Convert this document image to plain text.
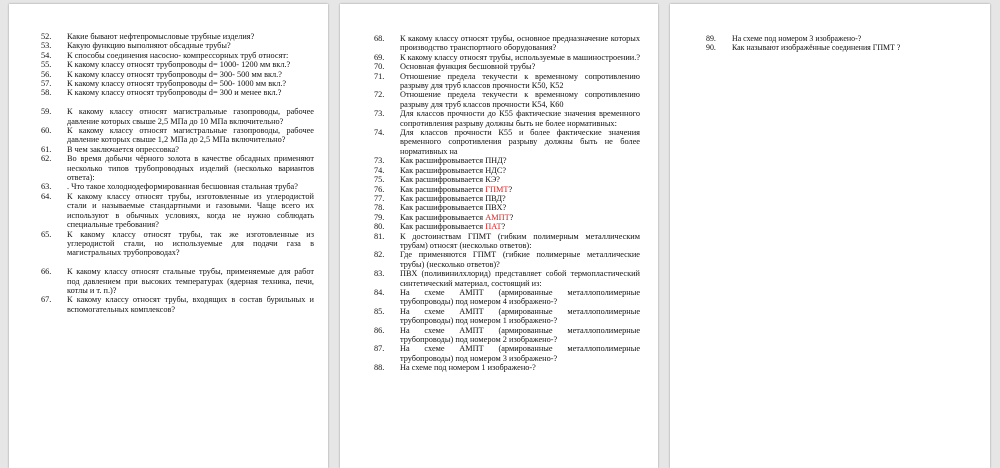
52.	Какие бывают нефтепромысловые трубные изделия?
53.	Какую функцию выполняют обсадные трубы?
54.	К способы соединения насосно- компрессорных труб относят:
55.	К какому классу относят трубопроводы d= 1000- 1200 мм вкл.?
56.	К какому классу относят трубопроводы d= 300- 500 мм вкл.?
57.	К какому классу относят трубопроводы d= 500- 1000 мм вкл.?
58.	К какому классу относят трубопроводы d= 300 и менее вкл.?
59.	К какому классу относят магистральные газопроводы, рабочее давление которых свыше 2,5 МПа до 10 МПа включительно?
60.	К какому классу относят магистральные газопроводы, рабочее давление которых свыше 1,2 МПа до 2,5 МПа включительно?
61.	В чем заключается опрессовка?
62.	Во время добычи чёрного золота в качестве обсадных применяют несколько типов трубопроводных изделий (несколько вариантов ответа):
63.	. Что такое холоднодеформированная бесшовная стальная труба?
64.	К какому классу относят трубы, изготовленные из углеродистой стали и называемые стандартными и газовыми. Чаще всего их используют в обычных условиях, когда не нужно соблюдать специальные требования?
65.	К какому классу относят трубы, так же изготовленные из углеродистой стали, но используемые для подачи газа в магистральных трубопроводах?
66.	К какому классу относят стальные трубы, применяемые для работ под давлением при высоких температурах (ядерная техника, печи, котлы и т. п.)?
67.	К какому классу относят трубы, входящих в состав бурильных и вспомогательных комплексов?
68.	К какому классу относят трубы, основное предназначение которых производство транспортного оборудования?
69.	К какому классу относят трубы, используемые в машиностроении.?
70.	Основная функция бесшовной трубы?
71.	Отношение предела текучести к временному сопротивлению разрыву для труб классов прочности К50, К52
72.	Отношение предела текучести к временному сопротивлению разрыву для труб классов прочности К54, К60
73.	Для классов прочности до К55 фактические значения временного сопротивления разрыву должны быть не более нормативных:
74.	Для классов прочности К55 и более фактические значения временного сопротивления разрыву должны быть не более нормативных на
73.	Как расшифровывается ПНД?
74.	Как расшифровывается НДС?
75.	Как расшифровывается КЭ?
76.	Как расшифровывается ГПМТ?
77.	Как расшифровывается ПВД?
78.	Как расшифровывается ПВХ?
79.	Как расшифровывается АМПТ?
80.	Как расшифровывается ПАТ?
81.	К достоинствам ГПМТ (гибким полимерным металлическим трубам) относят (несколько ответов):
82.	Где применяются ГПМТ (гибкие полимерные металлические трубы) (несколько ответов)?
83.	ПВХ (поливинилхлорид) представляет собой термопластический синтетический материал, состоящий из:
84.	На схеме АМПТ (армированные металлополимерные трубопроводы) под номером 4 изображено-?
85.	На схеме АМПТ (армированные металлополимерные трубопроводы) под номером 1 изображено-?
86.	На схеме АМПТ (армированные металлополимерные трубопроводы) под номером 2 изображено-?
87.	На схеме АМПТ (армированные металлополимерные трубопроводы) под номером 3 изображено-?
88.	На схеме под номером 1 изображено-?
89.	На схеме под номером 3 изображено-?
90.	Как называют изображённые соединения ГПМТ ?
